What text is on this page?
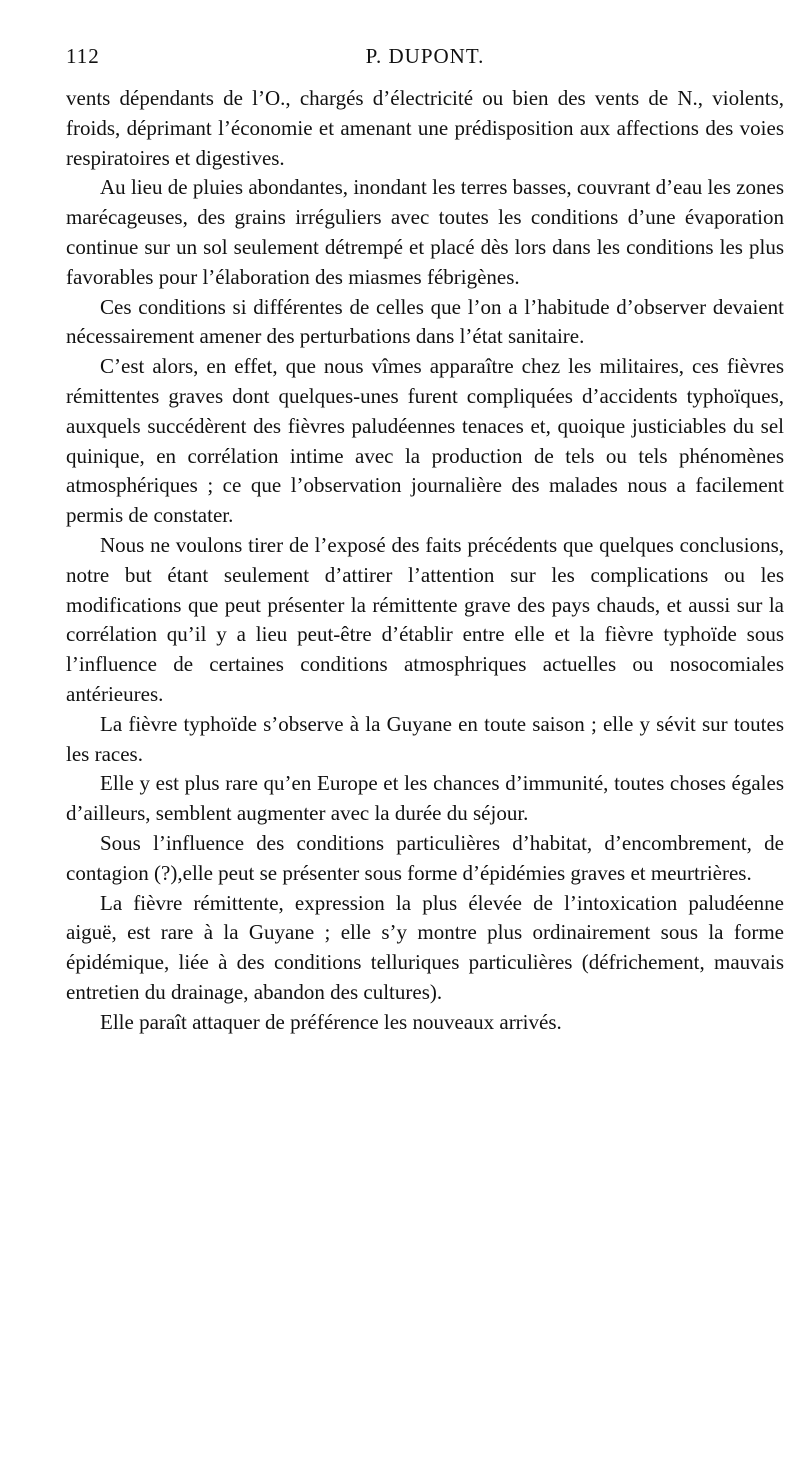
112	P. DUPONT.

vents dépendants de l’O., chargés d’électricité ou bien des vents de N., violents, froids, déprimant l’économie et amenant une prédisposition aux affections des voies respiratoires et digestives.

Au lieu de pluies abondantes, inondant les terres basses, couvrant d’eau les zones marécageuses, des grains irréguliers avec toutes les conditions d’une évaporation continue sur un sol seulement détrempé et placé dès lors dans les conditions les plus favorables pour l’élaboration des miasmes fébrigènes.

Ces conditions si différentes de celles que l’on a l’habitude d’observer devaient nécessairement amener des perturbations dans l’état sanitaire.

C’est alors, en effet, que nous vîmes apparaître chez les militaires, ces fièvres rémittentes graves dont quelques-unes furent compliquées d’accidents typhoïques, auxquels succédèrent des fièvres paludéennes tenaces et, quoique justiciables du sel quinique, en corrélation intime avec la production de tels ou tels phénomènes atmosphériques ; ce que l’observation journalière des malades nous a facilement permis de constater.

Nous ne voulons tirer de l’exposé des faits précédents que quelques conclusions, notre but étant seulement d’attirer l’attention sur les complications ou les modifications que peut présenter la rémittente grave des pays chauds, et aussi sur la corrélation qu’il y a lieu peut-être d’établir entre elle et la fièvre typhoïde sous l’influence de certaines conditions atmosphriques actuelles ou nosocomiales antérieures.

La fièvre typhoïde s’observe à la Guyane en toute saison ; elle y sévit sur toutes les races.

Elle y est plus rare qu’en Europe et les chances d’immunité, toutes choses égales d’ailleurs, semblent augmenter avec la durée du séjour.

Sous l’influence des conditions particulières d’habitat, d’encombrement, de contagion (?),elle peut se présenter sous forme d’épidémies graves et meurtrières.

La fièvre rémittente, expression la plus élevée de l’intoxication paludéenne aiguë, est rare à la Guyane ; elle s’y montre plus ordinairement sous la forme épidémique, liée à des conditions telluriques particulières (défrichement, mauvais entretien du drainage, abandon des cultures).

Elle paraît attaquer de préférence les nouveaux arrivés.
